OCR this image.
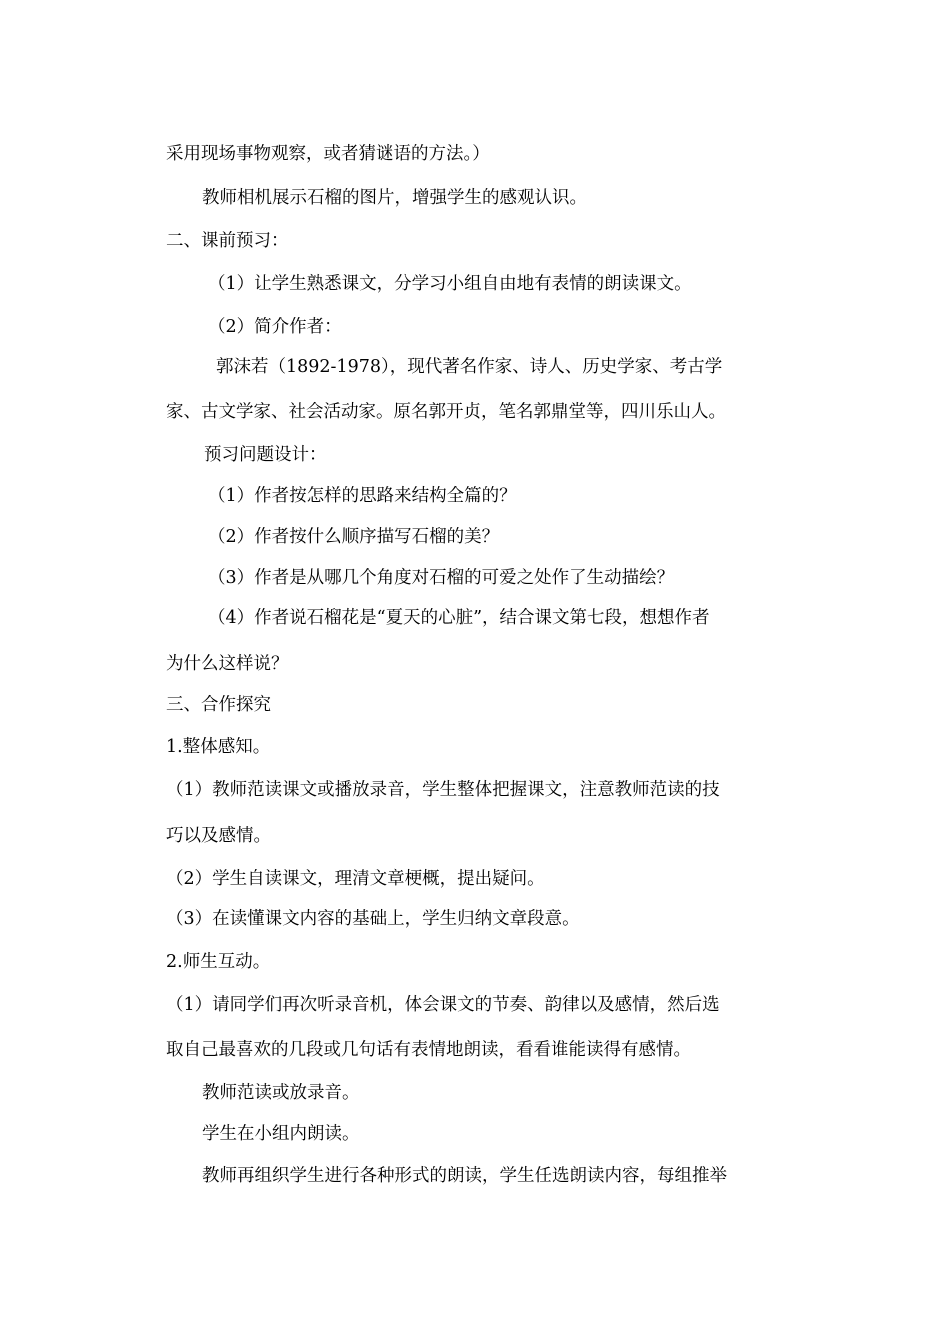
采用现场事物观察，或者猜谜语的方法。）

教师相机展示石榴的图片，增强学生的感观认识。

二、课前预习：

（1）让学生熟悉课文，分学习小组自由地有表情的朗读课文。

（2）简介作者：

郭沫若（1892-1978），现代著名作家、诗人、历史学家、考古学

家、古文学家、社会活动家。原名郭开贞，笔名郭鼎堂等，四川乐山人。

预习问题设计：

（1）作者按怎样的思路来结构全篇的？

（2）作者按什么顺序描写石榴的美？

（3）作者是从哪几个角度对石榴的可爱之处作了生动描绘？

（4）作者说石榴花是“夏天的心脏”，结合课文第七段，想想作者

为什么这样说？

三、合作探究

1.整体感知。

（1）教师范读课文或播放录音，学生整体把握课文，注意教师范读的技

巧以及感情。

（2）学生自读课文，理清文章梗概，提出疑问。

（3）在读懂课文内容的基础上，学生归纳文章段意。

2.师生互动。

（1）请同学们再次听录音机，体会课文的节奏、韵律以及感情，然后选

取自己最喜欢的几段或几句话有表情地朗读，看看谁能读得有感情。

教师范读或放录音。

学生在小组内朗读。

教师再组织学生进行各种形式的朗读，学生任选朗读内容，每组推举
